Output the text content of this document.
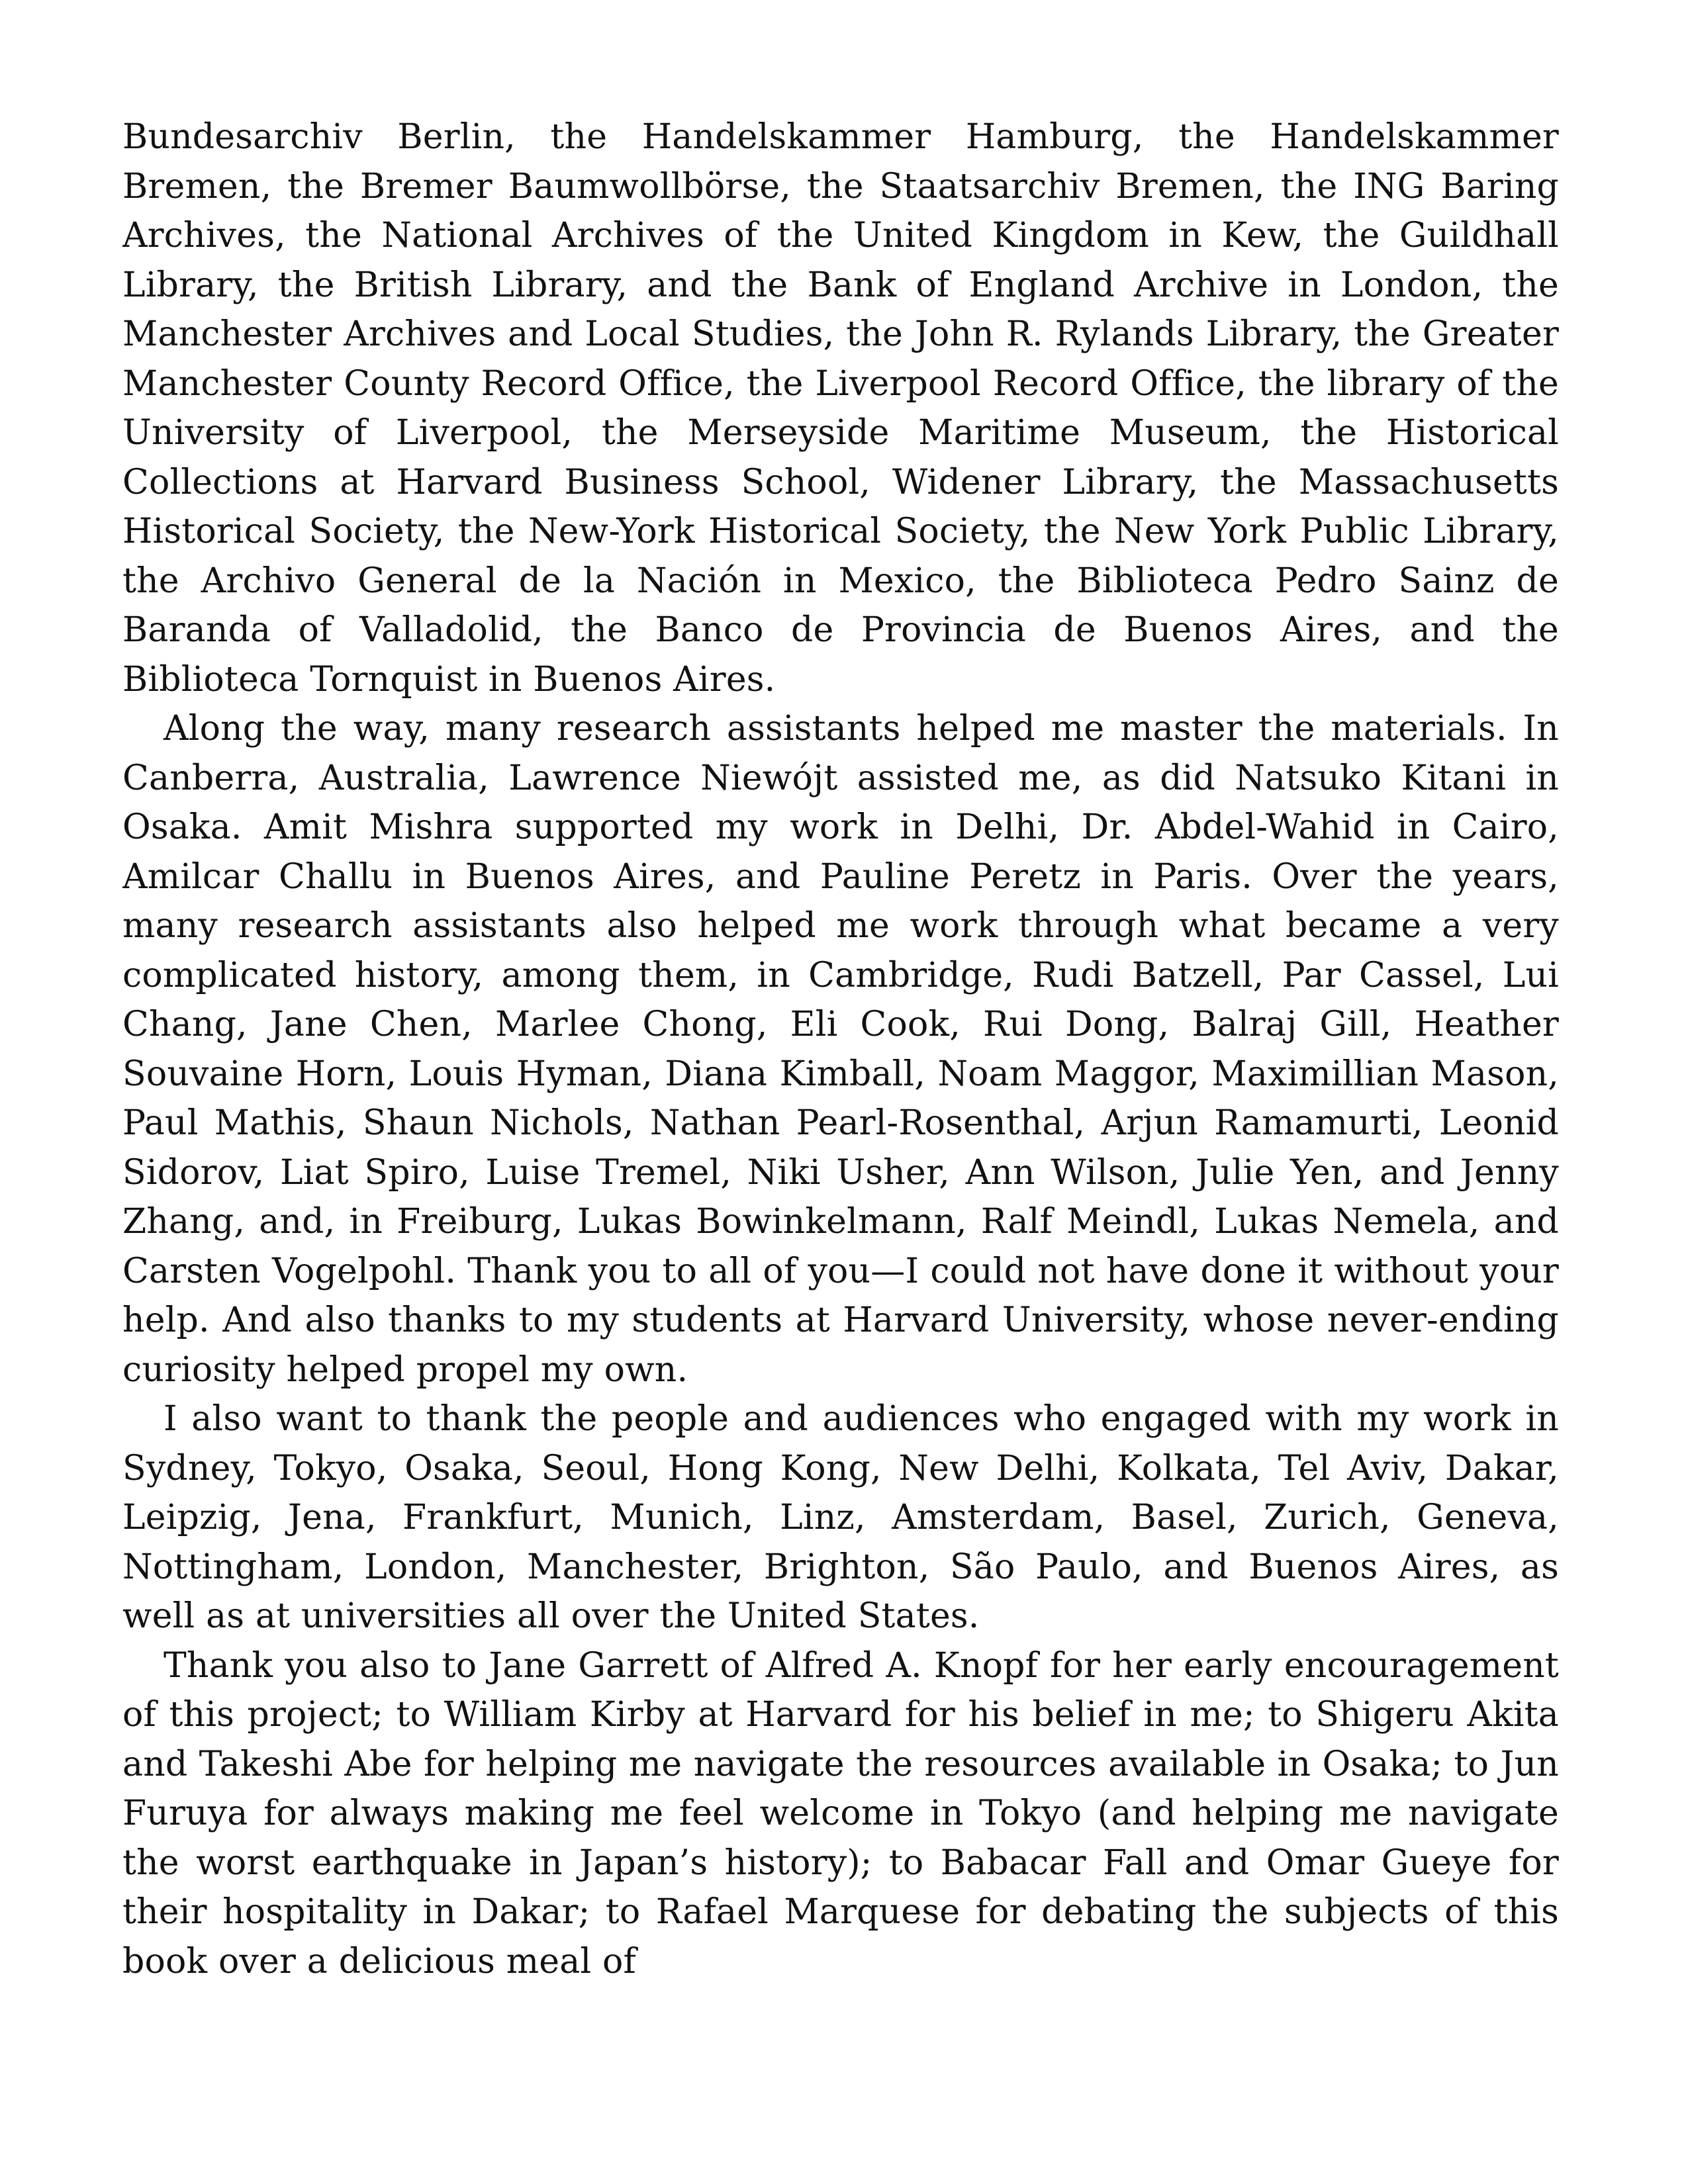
Bundesarchiv Berlin, the Handelskammer Hamburg, the Handelskammer Bremen, the Bremer Baumwollbörse, the Staatsarchiv Bremen, the ING Baring Archives, the National Archives of the United Kingdom in Kew, the Guildhall Library, the British Library, and the Bank of England Archive in London, the Manchester Archives and Local Studies, the John R. Rylands Library, the Greater Manchester County Record Office, the Liverpool Record Office, the library of the University of Liverpool, the Merseyside Maritime Museum, the Historical Collections at Harvard Business School, Widener Library, the Massachusetts Historical Society, the New-York Historical Society, the New York Public Library, the Archivo General de la Nación in Mexico, the Biblioteca Pedro Sainz de Baranda of Valladolid, the Banco de Provincia de Buenos Aires, and the Biblioteca Tornquist in Buenos Aires.

Along the way, many research assistants helped me master the materials. In Canberra, Australia, Lawrence Niewójt assisted me, as did Natsuko Kitani in Osaka. Amit Mishra supported my work in Delhi, Dr. Abdel-Wahid in Cairo, Amilcar Challu in Buenos Aires, and Pauline Peretz in Paris. Over the years, many research assistants also helped me work through what became a very complicated history, among them, in Cambridge, Rudi Batzell, Par Cassel, Lui Chang, Jane Chen, Marlee Chong, Eli Cook, Rui Dong, Balraj Gill, Heather Souvaine Horn, Louis Hyman, Diana Kimball, Noam Maggor, Maximillian Mason, Paul Mathis, Shaun Nichols, Nathan Pearl-Rosenthal, Arjun Ramamurti, Leonid Sidorov, Liat Spiro, Luise Tremel, Niki Usher, Ann Wilson, Julie Yen, and Jenny Zhang, and, in Freiburg, Lukas Bowinkelmann, Ralf Meindl, Lukas Nemela, and Carsten Vogelpohl. Thank you to all of you—I could not have done it without your help. And also thanks to my students at Harvard University, whose never-ending curiosity helped propel my own.

I also want to thank the people and audiences who engaged with my work in Sydney, Tokyo, Osaka, Seoul, Hong Kong, New Delhi, Kolkata, Tel Aviv, Dakar, Leipzig, Jena, Frankfurt, Munich, Linz, Amsterdam, Basel, Zurich, Geneva, Nottingham, London, Manchester, Brighton, São Paulo, and Buenos Aires, as well as at universities all over the United States.

Thank you also to Jane Garrett of Alfred A. Knopf for her early encouragement of this project; to William Kirby at Harvard for his belief in me; to Shigeru Akita and Takeshi Abe for helping me navigate the resources available in Osaka; to Jun Furuya for always making me feel welcome in Tokyo (and helping me navigate the worst earthquake in Japan’s history); to Babacar Fall and Omar Gueye for their hospitality in Dakar; to Rafael Marquese for debating the subjects of this book over a delicious meal of
